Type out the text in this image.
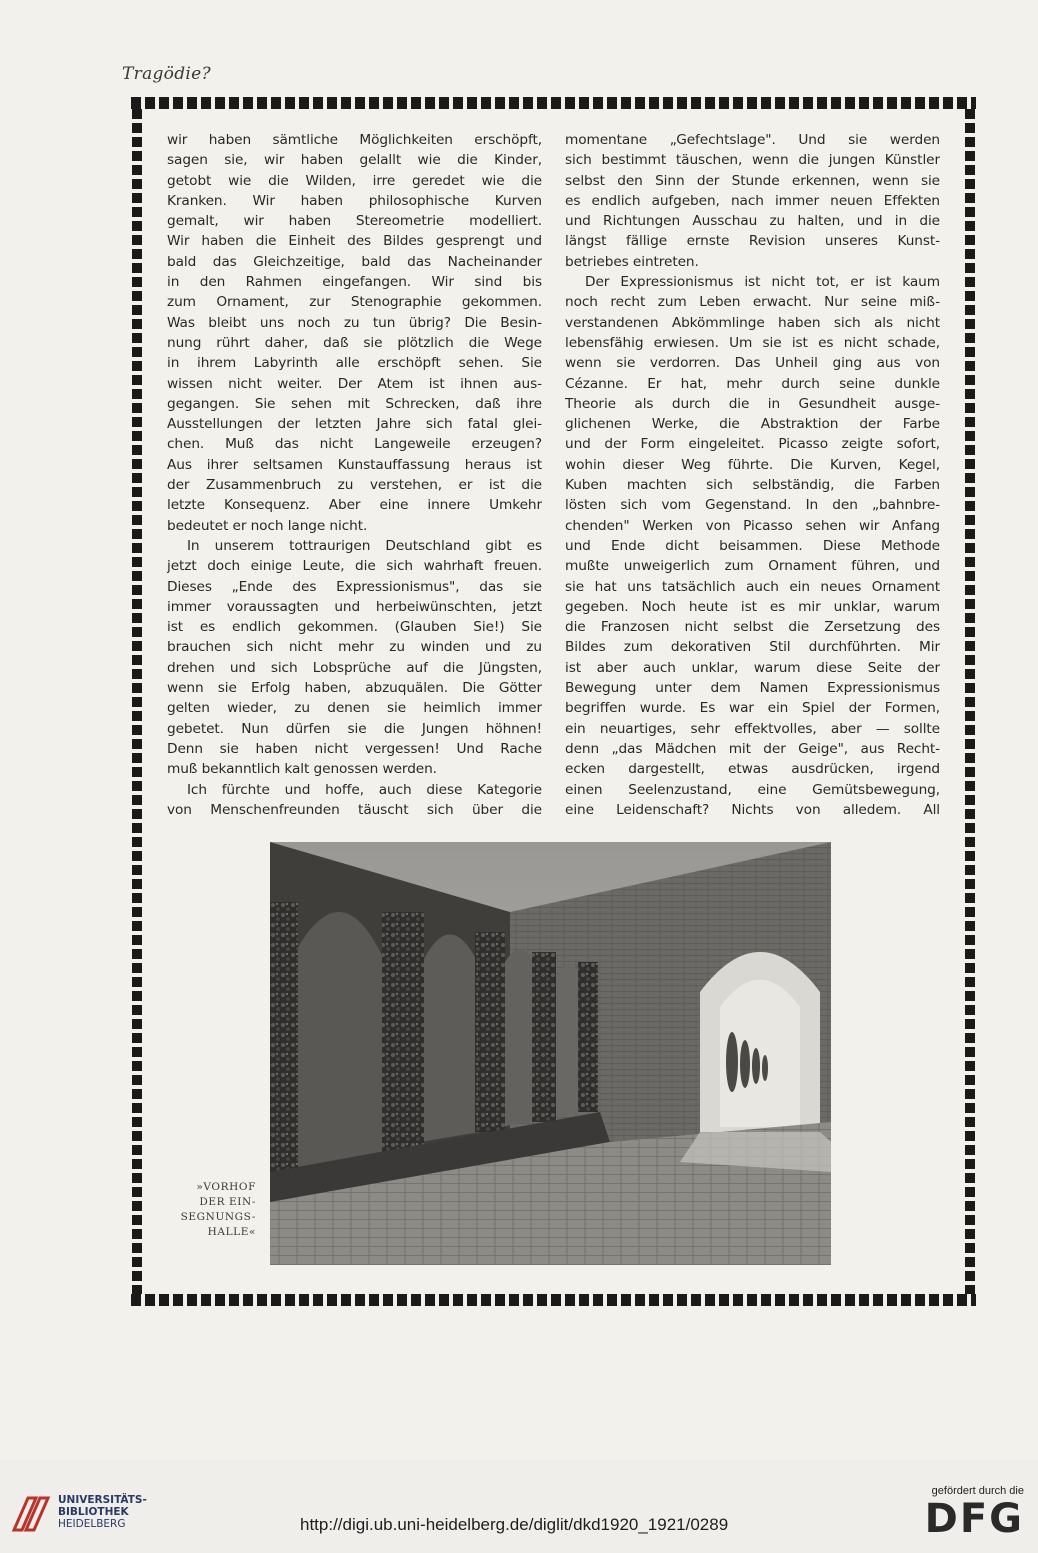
Tragödie?
wir haben sämtliche Möglichkeiten erschöpft,
sagen sie, wir haben gelallt wie die Kinder,
getobt wie die Wilden, irre geredet wie die
Kranken. Wir haben philosophische Kurven
gemalt, wir haben Stereometrie modelliert.
Wir haben die Einheit des Bildes gesprengt und
bald das Gleichzeitige, bald das Nacheinander
in den Rahmen eingefangen. Wir sind bis
zum Ornament, zur Stenographie gekommen.
Was bleibt uns noch zu tun übrig? Die Besin-
nung rührt daher, daß sie plötzlich die Wege
in ihrem Labyrinth alle erschöpft sehen. Sie
wissen nicht weiter. Der Atem ist ihnen aus-
gegangen. Sie sehen mit Schrecken, daß ihre
Ausstellungen der letzten Jahre sich fatal glei-
chen. Muß das nicht Langeweile erzeugen?
Aus ihrer seltsamen Kunstauffassung heraus ist
der Zusammenbruch zu verstehen, er ist die
letzte Konsequenz. Aber eine innere Umkehr
bedeutet er noch lange nicht.
In unserem tottraurigen Deutschland gibt es
jetzt doch einige Leute, die sich wahrhaft freuen.
Dieses „Ende des Expressionismus", das sie
immer voraussagten und herbeiwünschten, jetzt
ist es endlich gekommen. (Glauben Sie!) Sie
brauchen sich nicht mehr zu winden und zu
drehen und sich Lobsprüche auf die Jüngsten,
wenn sie Erfolg haben, abzuquälen. Die Götter
gelten wieder, zu denen sie heimlich immer
gebetet. Nun dürfen sie die Jungen höhnen!
Denn sie haben nicht vergessen! Und Rache
muß bekanntlich kalt genossen werden.
Ich fürchte und hoffe, auch diese Kategorie
von Menschenfreunden täuscht sich über die
momentane „Gefechtslage". Und sie werden
sich bestimmt täuschen, wenn die jungen Künstler
selbst den Sinn der Stunde erkennen, wenn sie
es endlich aufgeben, nach immer neuen Effekten
und Richtungen Ausschau zu halten, und in die
längst fällige ernste Revision unseres Kunst-
betriebes eintreten.
Der Expressionismus ist nicht tot, er ist kaum
noch recht zum Leben erwacht. Nur seine miß-
verstandenen Abkömmlinge haben sich als nicht
lebensfähig erwiesen. Um sie ist es nicht schade,
wenn sie verdorren. Das Unheil ging aus von
Cézanne. Er hat, mehr durch seine dunkle
Theorie als durch die in Gesundheit ausge-
glichenen Werke, die Abstraktion der Farbe
und der Form eingeleitet. Picasso zeigte sofort,
wohin dieser Weg führte. Die Kurven, Kegel,
Kuben machten sich selbständig, die Farben
lösten sich vom Gegenstand. In den „bahnbre-
chenden" Werken von Picasso sehen wir Anfang
und Ende dicht beisammen. Diese Methode
mußte unweigerlich zum Ornament führen, und
sie hat uns tatsächlich auch ein neues Ornament
gegeben. Noch heute ist es mir unklar, warum
die Franzosen nicht selbst die Zersetzung des
Bildes zum dekorativen Stil durchführten. Mir
ist aber auch unklar, warum diese Seite der
Bewegung unter dem Namen Expressionismus
begriffen wurde. Es war ein Spiel der Formen,
ein neuartiges, sehr effektvolles, aber — sollte
denn „das Mädchen mit der Geige", aus Recht-
ecken dargestellt, etwas ausdrücken, irgend
einen Seelenzustand, eine Gemütsbewegung,
eine Leidenschaft? Nichts von alledem. All
»VORHOF
DER EIN-
SEGNUNGS-
HALLE«
UNIVERSITÄTS-
BIBLIOTHEK
HEIDELBERG	http://digi.ub.uni-heidelberg.de/diglit/dkd1920_1921/0289
gefördert durch die
DFG
